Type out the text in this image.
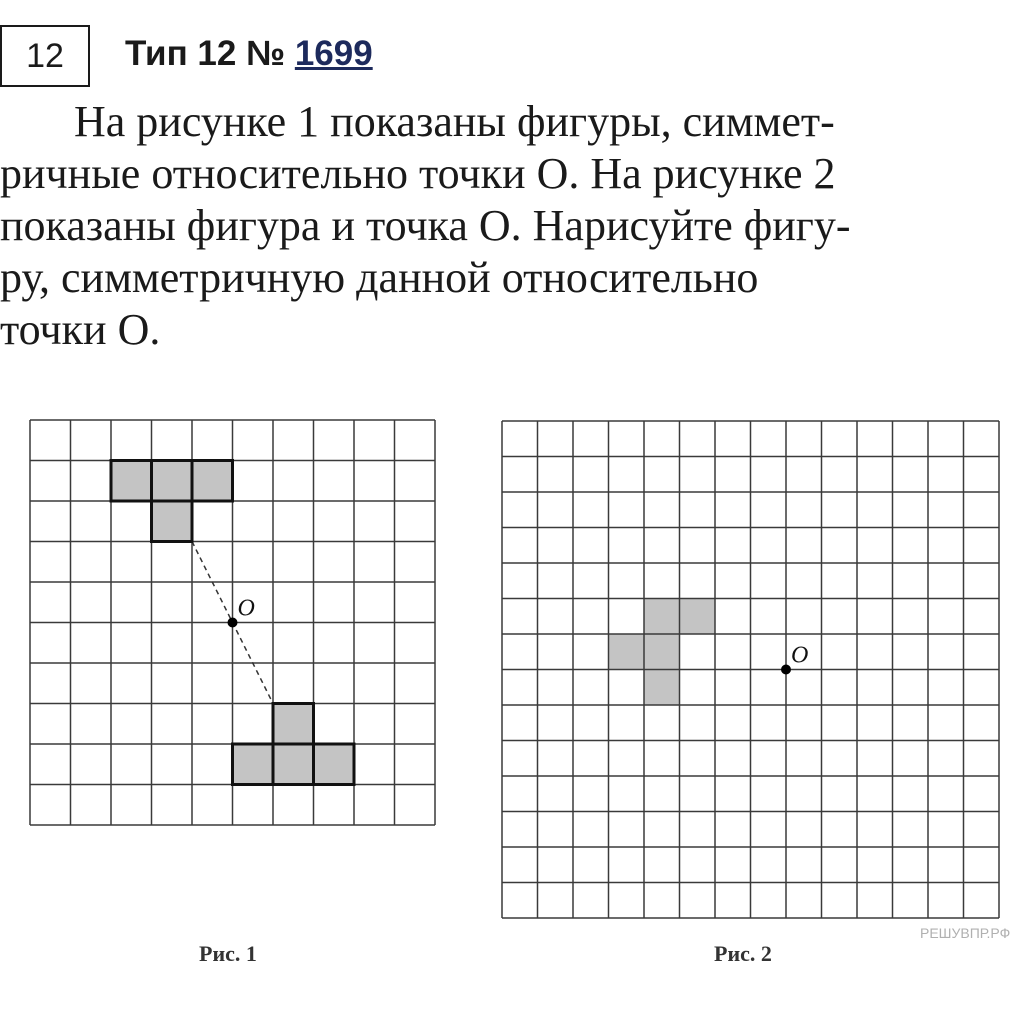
12 Тип 12 № 1699

На рисунке 1 показаны фигуры, симмет-
ричные относительно точки O. На рисунке 2
показаны фигура и точка O. Нарисуйте фигу-
ру, симметричную данной относительно
точки O.

O
O
Рис. 1	Рис. 2
РЕШУВПР.РФ
